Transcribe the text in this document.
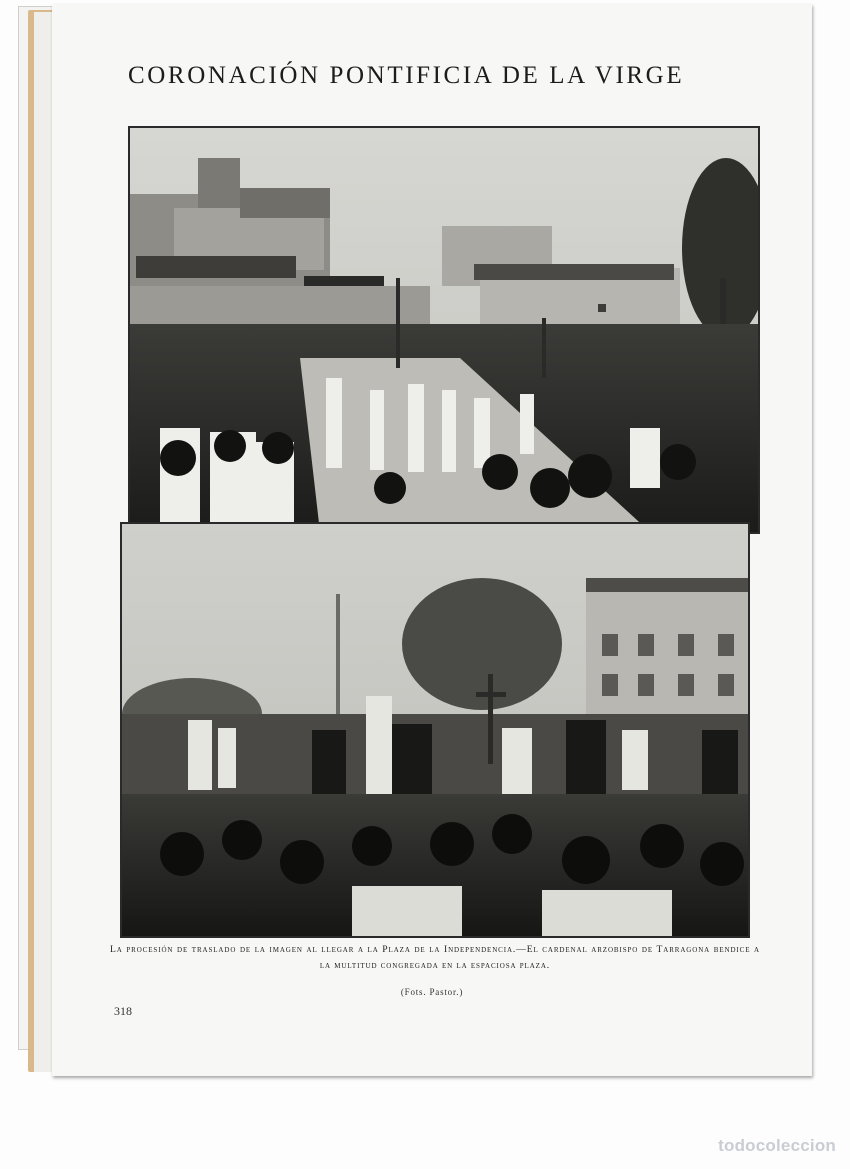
CORONACIÓN PONTIFICIA DE LA VIRGE
La procesión de traslado de la imagen al llegar a la Plaza de la Independencia.—El cardenal arzobispo de Tarragona bendice a la multitud congregada en la espaciosa plaza.
(Fots. Pastor.)
318
todocoleccion
